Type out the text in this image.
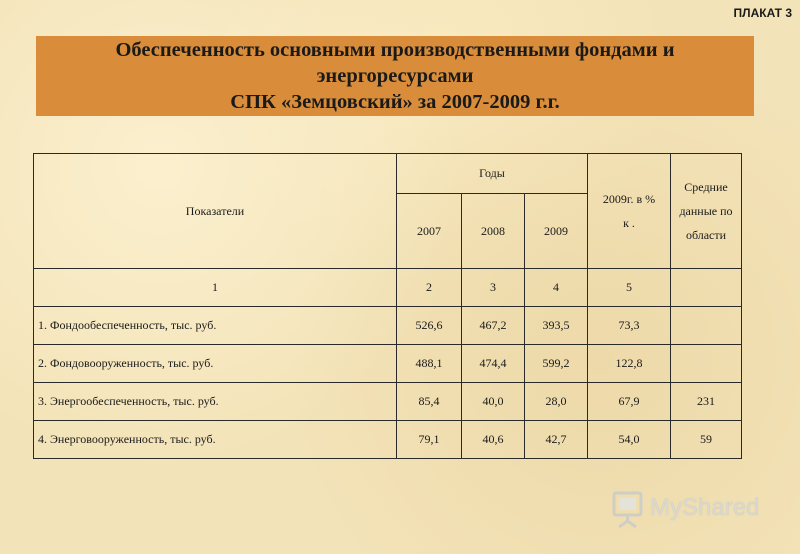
ПЛАКАТ 3
Обеспеченность основными производственными фондами и
энергоресурсами
СПК «Земцовский» за 2007-2009 г.г.
Показатели	Годы			2009г. в % к .	Средние данные по области
	2007	2008	2009		
1	2	3	4	5	
1. Фондообеспеченность, тыс. руб.	526,6	467,2	393,5	73,3	
2. Фондовооруженность, тыс. руб.	488,1	474,4	599,2	122,8	
3. Энергообеспеченность, тыс. руб.	85,4	40,0	28,0	67,9	231
4. Энерговооруженность, тыс. руб.	79,1	40,6	42,7	54,0	59
MyShared
